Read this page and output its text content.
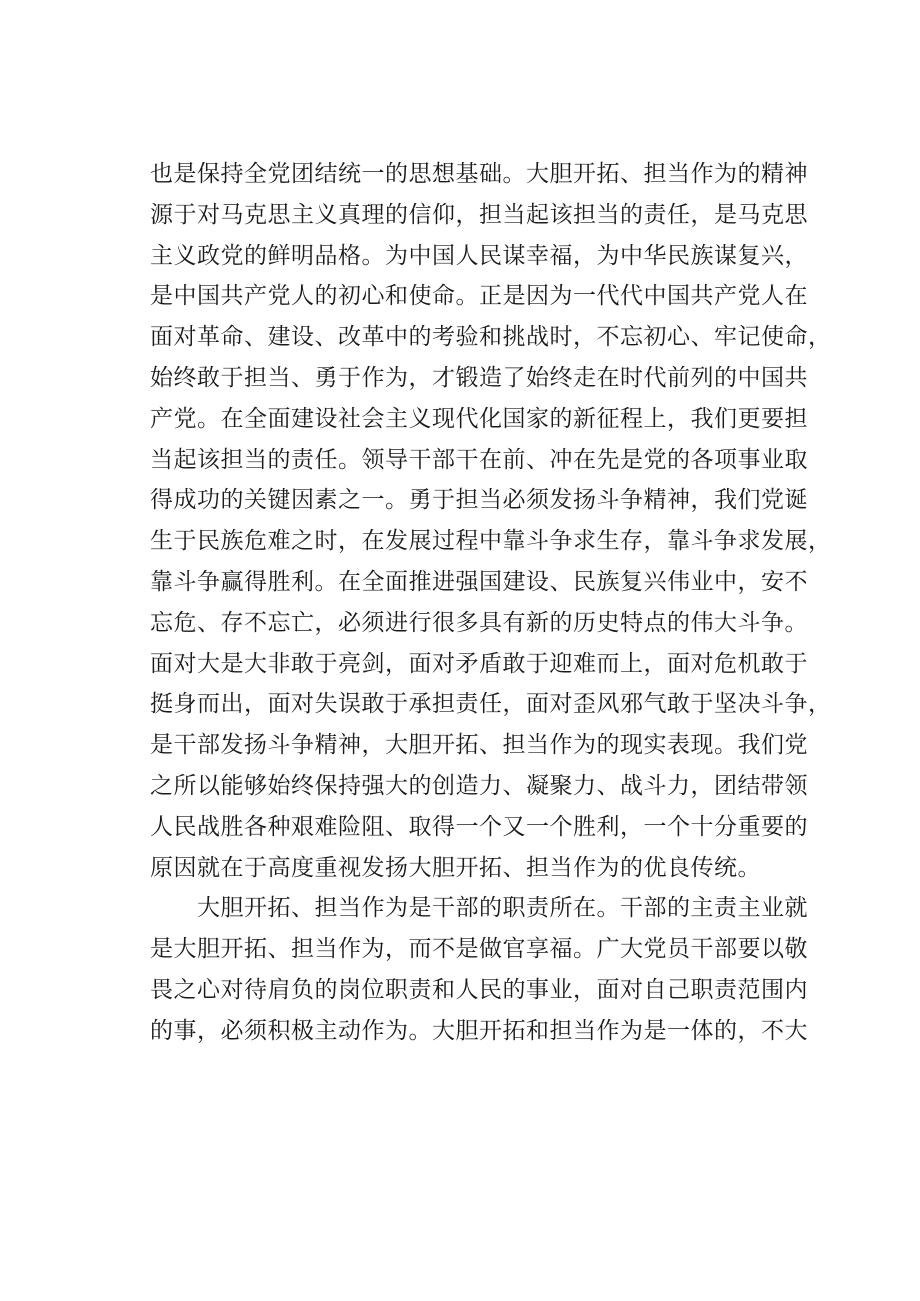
也是保持全党团结统一的思想基础。大胆开拓、担当作为的精神
源于对马克思主义真理的信仰，担当起该担当的责任，是马克思
主义政党的鲜明品格。为中国人民谋幸福，为中华民族谋复兴，
是中国共产党人的初心和使命。正是因为一代代中国共产党人在
面对革命、建设、改革中的考验和挑战时，不忘初心、牢记使命，
始终敢于担当、勇于作为，才锻造了始终走在时代前列的中国共
产党。在全面建设社会主义现代化国家的新征程上，我们更要担
当起该担当的责任。领导干部干在前、冲在先是党的各项事业取
得成功的关键因素之一。勇于担当必须发扬斗争精神，我们党诞
生于民族危难之时，在发展过程中靠斗争求生存，靠斗争求发展，
靠斗争赢得胜利。在全面推进强国建设、民族复兴伟业中，安不
忘危、存不忘亡，必须进行很多具有新的历史特点的伟大斗争。
面对大是大非敢于亮剑，面对矛盾敢于迎难而上，面对危机敢于
挺身而出，面对失误敢于承担责任，面对歪风邪气敢于坚决斗争，
是干部发扬斗争精神，大胆开拓、担当作为的现实表现。我们党
之所以能够始终保持强大的创造力、凝聚力、战斗力，团结带领
人民战胜各种艰难险阻、取得一个又一个胜利，一个十分重要的
原因就在于高度重视发扬大胆开拓、担当作为的优良传统。
　　大胆开拓、担当作为是干部的职责所在。干部的主责主业就
是大胆开拓、担当作为，而不是做官享福。广大党员干部要以敬
畏之心对待肩负的岗位职责和人民的事业，面对自己职责范围内
的事，必须积极主动作为。大胆开拓和担当作为是一体的，不大
